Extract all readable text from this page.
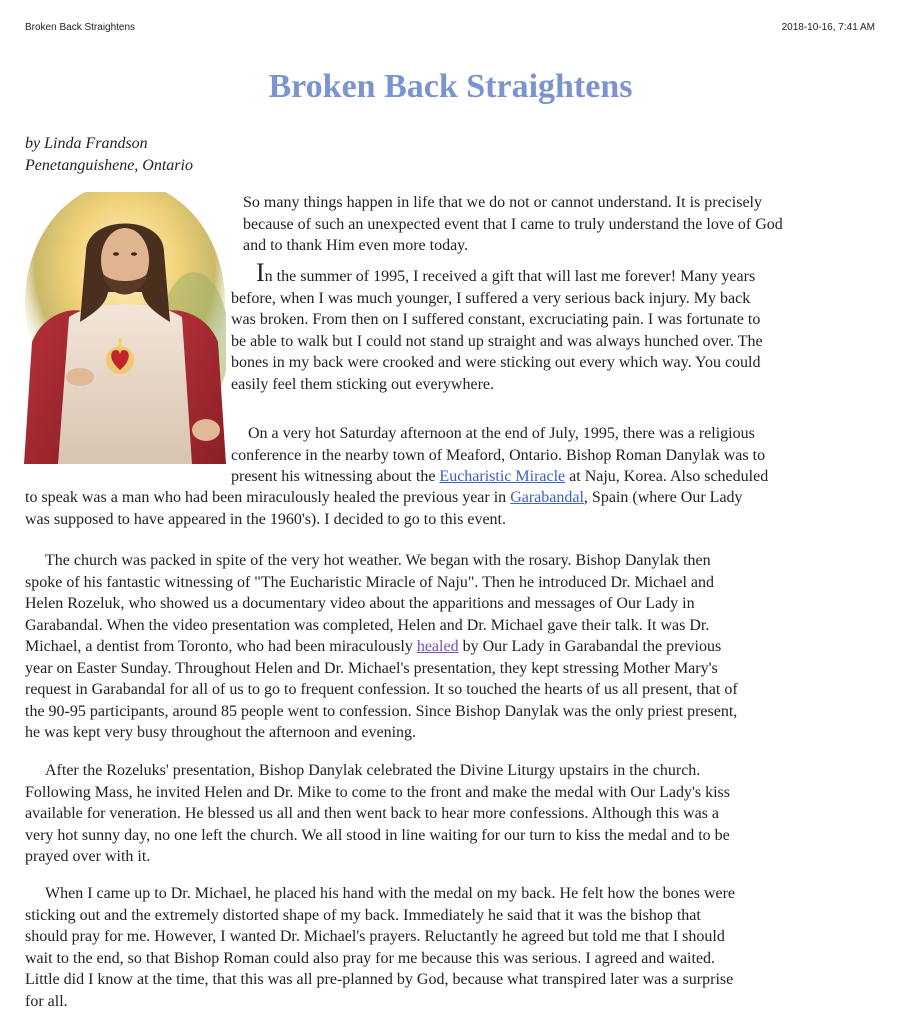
Broken Back Straightens	2018-10-16, 7:41 AM
Broken Back Straightens
by Linda Frandson
Penetanguishene, Ontario
So many things happen in life that we do not or cannot understand. It is precisely
because of such an unexpected event that I came to truly understand the love of God
and to thank Him even more today.
In the summer of 1995, I received a gift that will last me forever! Many years
before, when I was much younger, I suffered a very serious back injury. My back
was broken. From then on I suffered constant, excruciating pain. I was fortunate to
be able to walk but I could not stand up straight and was always hunched over. The
bones in my back were crooked and were sticking out every which way. You could
easily feel them sticking out everywhere.
On a very hot Saturday afternoon at the end of July, 1995, there was a religious
conference in the nearby town of Meaford, Ontario. Bishop Roman Danylak was to
present his witnessing about the Eucharistic Miracle at Naju, Korea. Also scheduled
to speak was a man who had been miraculously healed the previous year in Garabandal, Spain (where Our Lady
was supposed to have appeared in the 1960's). I decided to go to this event.
The church was packed in spite of the very hot weather. We began with the rosary. Bishop Danylak then
spoke of his fantastic witnessing of "The Eucharistic Miracle of Naju". Then he introduced Dr. Michael and
Helen Rozeluk, who showed us a documentary video about the apparitions and messages of Our Lady in
Garabandal. When the video presentation was completed, Helen and Dr. Michael gave their talk. It was Dr.
Michael, a dentist from Toronto, who had been miraculously healed by Our Lady in Garabandal the previous
year on Easter Sunday. Throughout Helen and Dr. Michael's presentation, they kept stressing Mother Mary's
request in Garabandal for all of us to go to frequent confession. It so touched the hearts of us all present, that of
the 90-95 participants, around 85 people went to confession. Since Bishop Danylak was the only priest present,
he was kept very busy throughout the afternoon and evening.
After the Rozeluks' presentation, Bishop Danylak celebrated the Divine Liturgy upstairs in the church.
Following Mass, he invited Helen and Dr. Mike to come to the front and make the medal with Our Lady's kiss
available for veneration. He blessed us all and then went back to hear more confessions. Although this was a
very hot sunny day, no one left the church. We all stood in line waiting for our turn to kiss the medal and to be
prayed over with it.
When I came up to Dr. Michael, he placed his hand with the medal on my back. He felt how the bones were
sticking out and the extremely distorted shape of my back. Immediately he said that it was the bishop that
should pray for me. However, I wanted Dr. Michael's prayers. Reluctantly he agreed but told me that I should
wait to the end, so that Bishop Roman could also pray for me because this was serious. I agreed and waited.
Little did I know at the time, that this was all pre-planned by God, because what transpired later was a surprise
for all.
